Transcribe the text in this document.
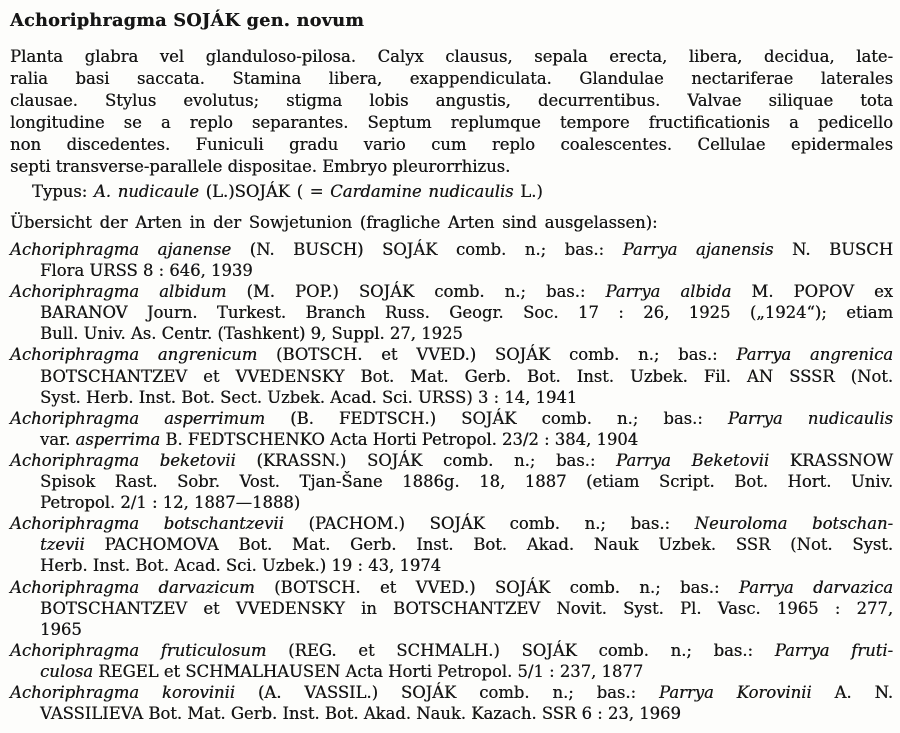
Achoriphragma SOJÁK gen. novum
Planta glabra vel glanduloso-pilosa. Calyx clausus, sepala erecta, libera, decidua, late-
ralia basi saccata. Stamina libera, exappendiculata. Glandulae nectariferae laterales
clausae. Stylus evolutus; stigma lobis angustis, decurrentibus. Valvae siliquae tota
longitudine se a replo separantes. Septum replumque tempore fructificationis a pedicello
non discedentes. Funiculi gradu vario cum replo coalescentes. Cellulae epidermales
septi transverse-parallele dispositae. Embryo pleurorrhizus.
Typus: A. nudicaule (L.)SOJÁK ( = Cardamine nudicaulis L.)
Übersicht der Arten in der Sowjetunion (fragliche Arten sind ausgelassen):
Achoriphragma ajanense (N. BUSCH) SOJÁK comb. n.; bas.: Parrya ajanensis N. BUSCH
Flora URSS 8 : 646, 1939
Achoriphragma albidum (M. POP.) SOJÁK comb. n.; bas.: Parrya albida M. POPOV ex
BARANOV Journ. Turkest. Branch Russ. Geogr. Soc. 17 : 26, 1925 („1924“); etiam
Bull. Univ. As. Centr. (Tashkent) 9, Suppl. 27, 1925
Achoriphragma angrenicum (BOTSCH. et VVED.) SOJÁK comb. n.; bas.: Parrya angrenica
BOTSCHANTZEV et VVEDENSKY Bot. Mat. Gerb. Bot. Inst. Uzbek. Fil. AN SSSR (Not.
Syst. Herb. Inst. Bot. Sect. Uzbek. Acad. Sci. URSS) 3 : 14, 1941
Achoriphragma asperrimum (B. FEDTSCH.) SOJÁK comb. n.; bas.: Parrya nudicaulis
var. asperrima B. FEDTSCHENKO Acta Horti Petropol. 23/2 : 384, 1904
Achoriphragma beketovii (KRASSN.) SOJÁK comb. n.; bas.: Parrya Beketovii KRASSNOW
Spisok Rast. Sobr. Vost. Tjan-Šane 1886g. 18, 1887 (etiam Script. Bot. Hort. Univ.
Petropol. 2/1 : 12, 1887—1888)
Achoriphragma botschantzevii (PACHOM.) SOJÁK comb. n.; bas.: Neuroloma botschan-
tzevii PACHOMOVA Bot. Mat. Gerb. Inst. Bot. Akad. Nauk Uzbek. SSR (Not. Syst.
Herb. Inst. Bot. Acad. Sci. Uzbek.) 19 : 43, 1974
Achoriphragma darvazicum (BOTSCH. et VVED.) SOJÁK comb. n.; bas.: Parrya darvazica
BOTSCHANTZEV et VVEDENSKY in BOTSCHANTZEV Novit. Syst. Pl. Vasc. 1965 : 277,
1965
Achoriphragma fruticulosum (REG. et SCHMALH.) SOJÁK comb. n.; bas.: Parrya fruti-
culosa REGEL et SCHMALHAUSEN Acta Horti Petropol. 5/1 : 237, 1877
Achoriphragma korovinii (A. VASSIL.) SOJÁK comb. n.; bas.: Parrya Korovinii A. N.
VASSILIEVA Bot. Mat. Gerb. Inst. Bot. Akad. Nauk. Kazach. SSR 6 : 23, 1969
